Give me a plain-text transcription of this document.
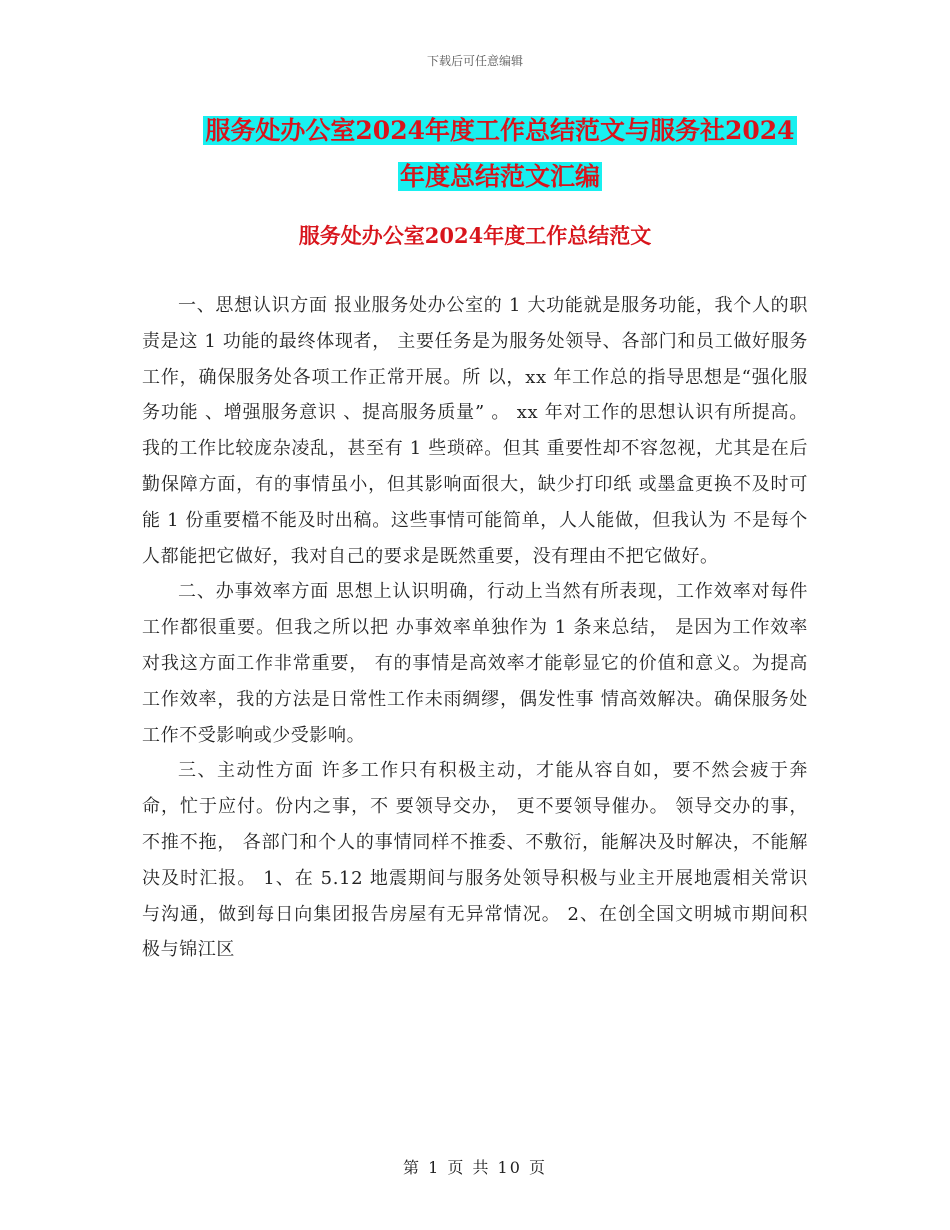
下载后可任意编辑
服务处办公室2024年度工作总结范文与服务社2024
年度总结范文汇编
服务处办公室2024年度工作总结范文

一、思想认识方面 报业服务处办公室的 1 大功能就是服务功能，我个人的职责是这 1 功能的最终体现者， 主要任务是为服务处领导、各部门和员工做好服务工作，确保服务处各项工作正常开展。所 以，xx 年工作总的指导思想是“强化服务功能 、增强服务意识 、提高服务质量” 。 xx 年对工作的思想认识有所提高。我的工作比较庞杂凌乱，甚至有 1 些琐碎。但其 重要性却不容忽视，尤其是在后勤保障方面，有的事情虽小，但其影响面很大，缺少打印纸 或墨盒更换不及时可能 1 份重要檔不能及时出稿。这些事情可能简单，人人能做，但我认为 不是每个人都能把它做好，我对自己的要求是既然重要，没有理由不把它做好。

二、办事效率方面 思想上认识明确，行动上当然有所表现，工作效率对每件工作都很重要。但我之所以把 办事效率单独作为 1 条来总结， 是因为工作效率对我这方面工作非常重要， 有的事情是高效率才能彰显它的价值和意义。为提高工作效率，我的方法是日常性工作未雨绸缪，偶发性事 情高效解决。确保服务处工作不受影响或少受影响。

三、主动性方面 许多工作只有积极主动，才能从容自如，要不然会疲于奔命，忙于应付。份内之事，不 要领导交办， 更不要领导催办。 领导交办的事， 不推不拖， 各部门和个人的事情同样不推委、不敷衍，能解决及时解决，不能解决及时汇报。 1、在 5.12 地震期间与服务处领导积极与业主开展地震相关常识与沟通，做到每日向集团报告房屋有无异常情况。 2、在创全国文明城市期间积极与锦江区

第 1 页 共 10 页
